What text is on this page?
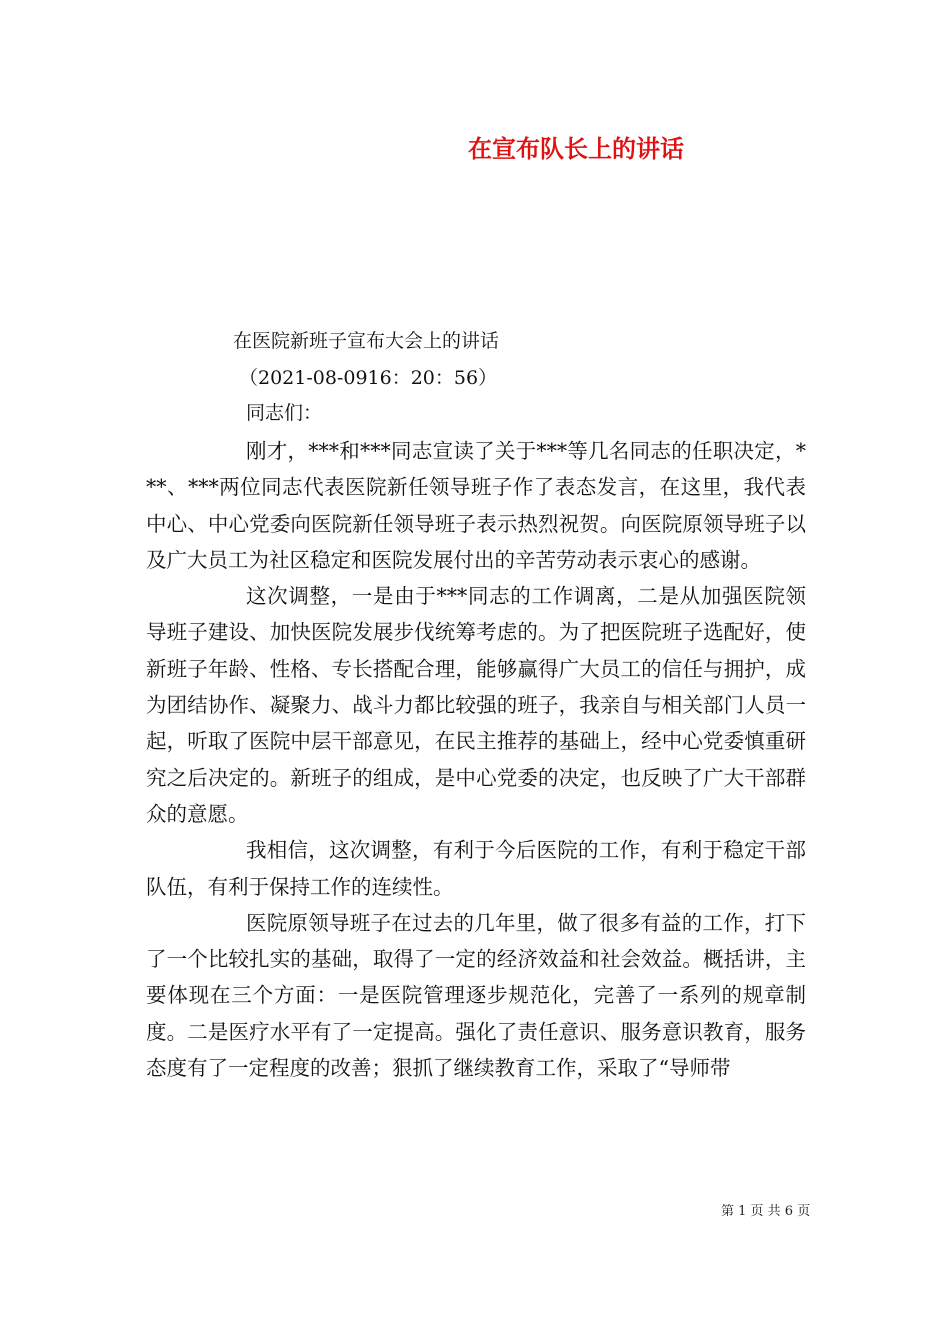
在宣布队长上的讲话

在医院新班子宣布大会上的讲话

（2021-08-0916：20：56）

同志们：

刚才，***和***同志宣读了关于***等几名同志的任职决定，***、***两位同志代表医院新任领导班子作了表态发言，在这里，我代表中心、中心党委向医院新任领导班子表示热烈祝贺。向医院原领导班子以及广大员工为社区稳定和医院发展付出的辛苦劳动表示衷心的感谢。

这次调整，一是由于***同志的工作调离，二是从加强医院领导班子建设、加快医院发展步伐统筹考虑的。为了把医院班子选配好，使新班子年龄、性格、专长搭配合理，能够赢得广大员工的信任与拥护，成为团结协作、凝聚力、战斗力都比较强的班子，我亲自与相关部门人员一起，听取了医院中层干部意见，在民主推荐的基础上，经中心党委慎重研究之后决定的。新班子的组成，是中心党委的决定，也反映了广大干部群众的意愿。

我相信，这次调整，有利于今后医院的工作，有利于稳定干部队伍，有利于保持工作的连续性。

医院原领导班子在过去的几年里，做了很多有益的工作，打下了一个比较扎实的基础，取得了一定的经济效益和社会效益。概括讲，主要体现在三个方面：一是医院管理逐步规范化，完善了一系列的规章制度。二是医疗水平有了一定提高。强化了责任意识、服务意识教育，服务态度有了一定程度的改善；狠抓了继续教育工作，采取了“导师带

第 1 页 共 6 页
